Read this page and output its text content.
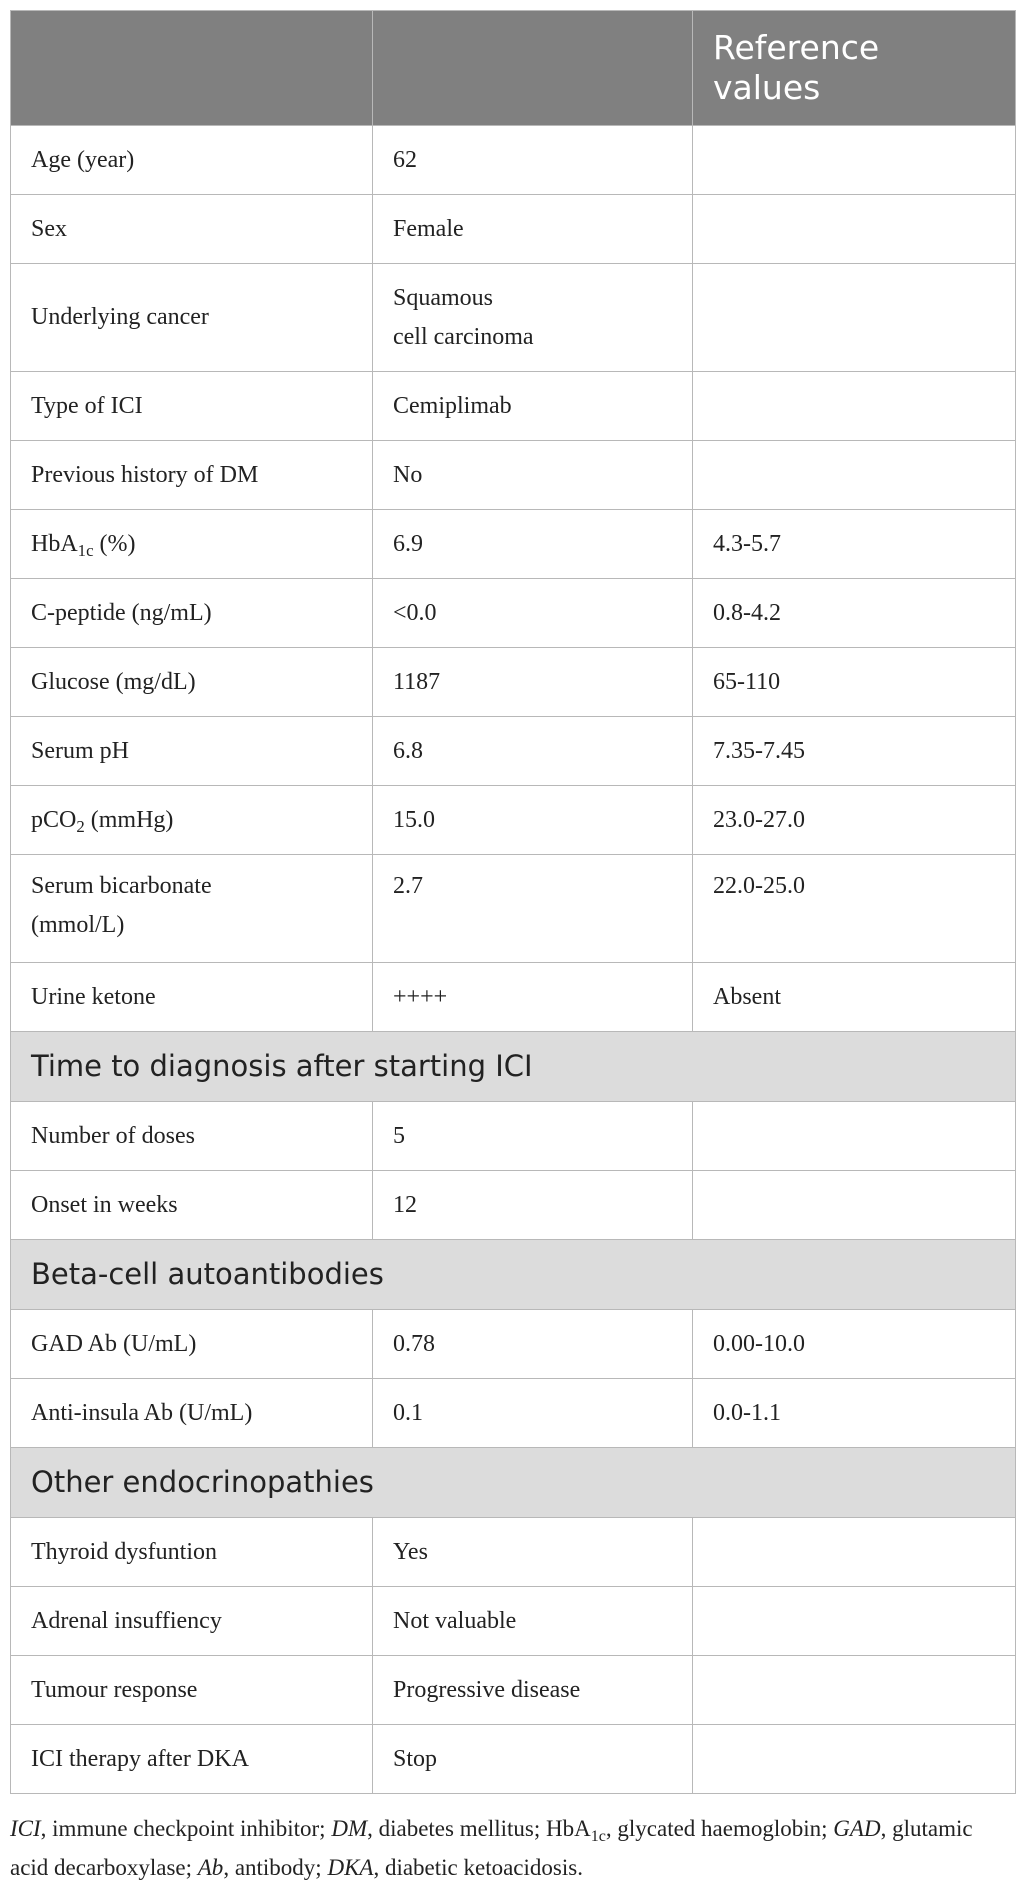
		Reference values
Age (year)	62	
Sex	Female	
Underlying cancer	Squamous
cell carcinoma	
Type of ICI	Cemiplimab	
Previous history of DM	No	
HbA$_{1c}$ (%)	6.9	4.3-5.7
C-peptide (ng/mL)	<0.0	0.8-4.2
Glucose (mg/dL)	1187	65-110
Serum pH	6.8	7.35-7.45
pCO$_2$ (mmHg)	15.0	23.0-27.0
Serum bicarbonate
(mmol/L)	2.7	22.0-25.0
Urine ketone	++++	Absent
Time to diagnosis after starting ICI		
Number of doses	5	
Onset in weeks	12	
Beta-cell autoantibodies		
GAD Ab (U/mL)	0.78	0.00-10.0
Anti-insula Ab (U/mL)	0.1	0.0-1.1
Other endocrinopathies		
Thyroid dysfuntion	Yes	
Adrenal insuffiency	Not valuable	
Tumour response	Progressive disease	
ICI therapy after DKA	Stop	
ICI, immune checkpoint inhibitor; DM, diabetes mellitus; HbA$_{1c}$, glycated haemoglobin; GAD, glutamic acid decarboxylase; Ab, antibody; DKA, diabetic ketoacidosis.
